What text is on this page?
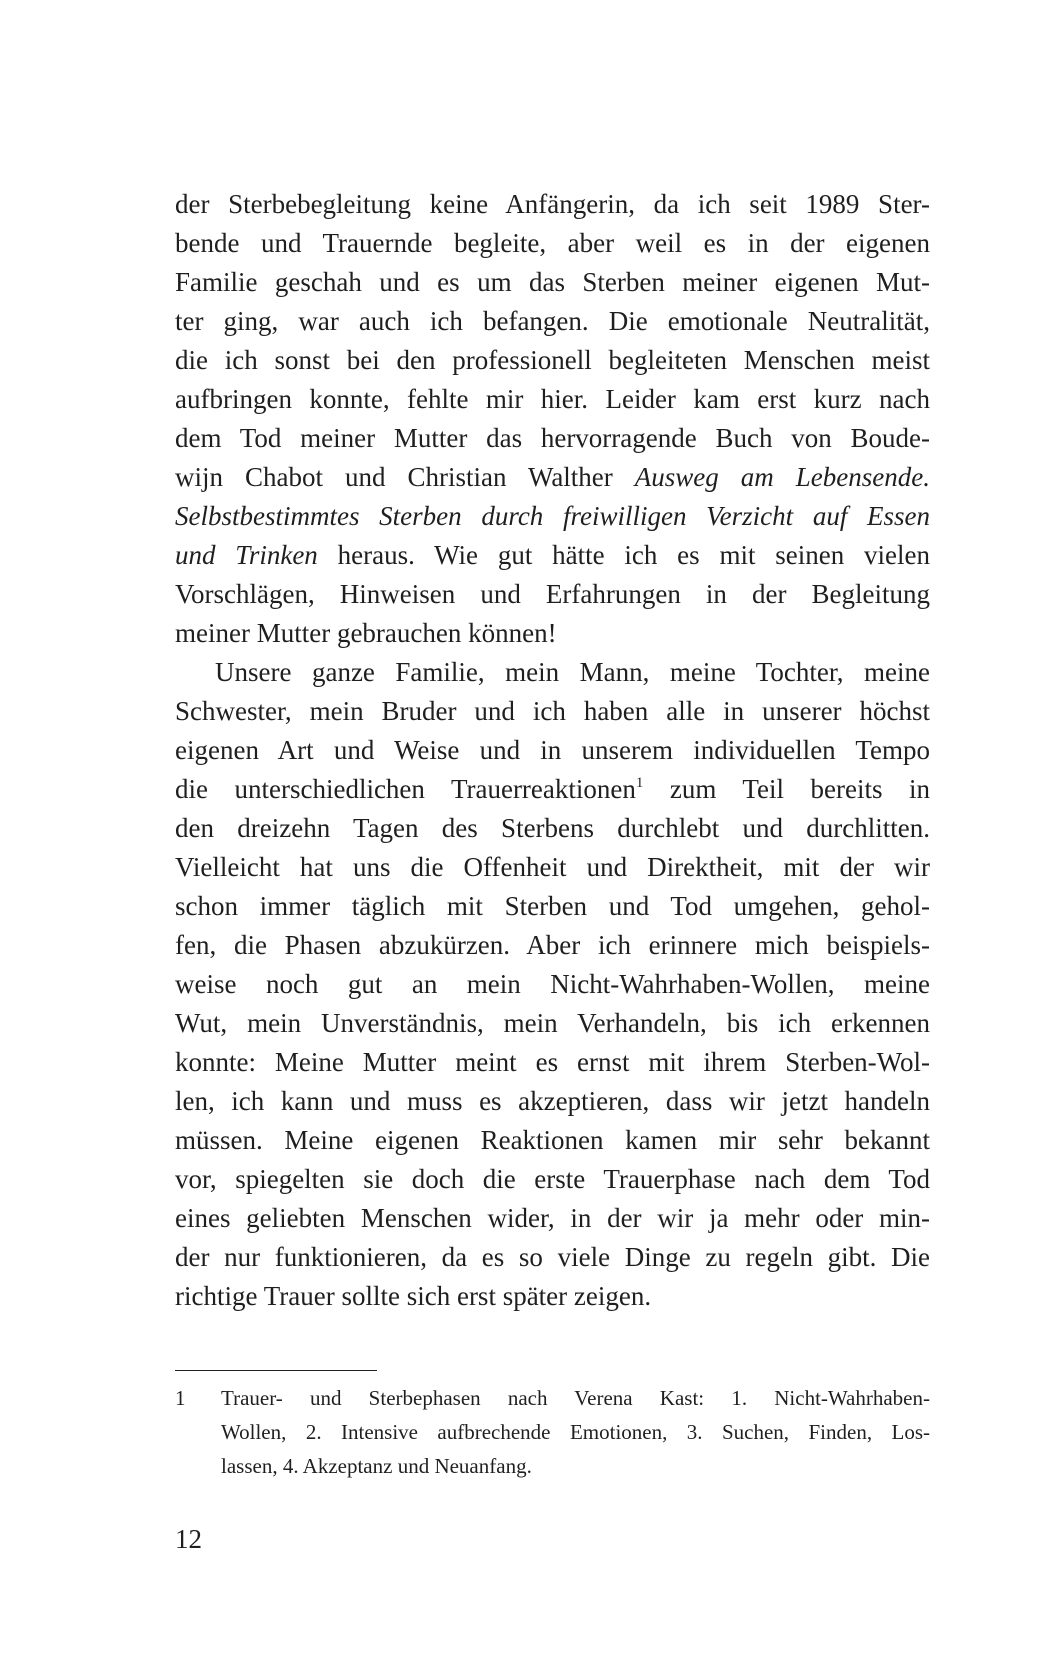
der Sterbebegleitung keine Anfängerin, da ich seit 1989 Ster-
bende und Trauernde begleite, aber weil es in der eigenen
Familie geschah und es um das Sterben meiner eigenen Mut-
ter ging, war auch ich befangen. Die emotionale Neutralität,
die ich sonst bei den professionell begleiteten Menschen meist
aufbringen konnte, fehlte mir hier. Leider kam erst kurz nach
dem Tod meiner Mutter das hervorragende Buch von Boude-
wijn Chabot und Christian Walther Ausweg am Lebensende.
Selbstbestimmtes Sterben durch freiwilligen Verzicht auf Essen
und Trinken heraus. Wie gut hätte ich es mit seinen vielen
Vorschlägen, Hinweisen und Erfahrungen in der Begleitung
meiner Mutter gebrauchen können!
Unsere ganze Familie, mein Mann, meine Tochter, meine
Schwester, mein Bruder und ich haben alle in unserer höchst
eigenen Art und Weise und in unserem individuellen Tempo
die unterschiedlichen Trauerreaktionen$^1$ zum Teil bereits in
den dreizehn Tagen des Sterbens durchlebt und durchlitten.
Vielleicht hat uns die Offenheit und Direktheit, mit der wir
schon immer täglich mit Sterben und Tod umgehen, gehol-
fen, die Phasen abzukürzen. Aber ich erinnere mich beispiels-
weise noch gut an mein Nicht-Wahrhaben-Wollen, meine
Wut, mein Unverständnis, mein Verhandeln, bis ich erkennen
konnte: Meine Mutter meint es ernst mit ihrem Sterben-Wol-
len, ich kann und muss es akzeptieren, dass wir jetzt handeln
müssen. Meine eigenen Reaktionen kamen mir sehr bekannt
vor, spiegelten sie doch die erste Trauerphase nach dem Tod
eines geliebten Menschen wider, in der wir ja mehr oder min-
der nur funktionieren, da es so viele Dinge zu regeln gibt. Die
richtige Trauer sollte sich erst später zeigen.
1 Trauer- und Sterbephasen nach Verena Kast: 1. Nicht-Wahrhaben-
Wollen, 2. Intensive aufbrechende Emotionen, 3. Suchen, Finden, Los-
lassen, 4. Akzeptanz und Neuanfang.
12
